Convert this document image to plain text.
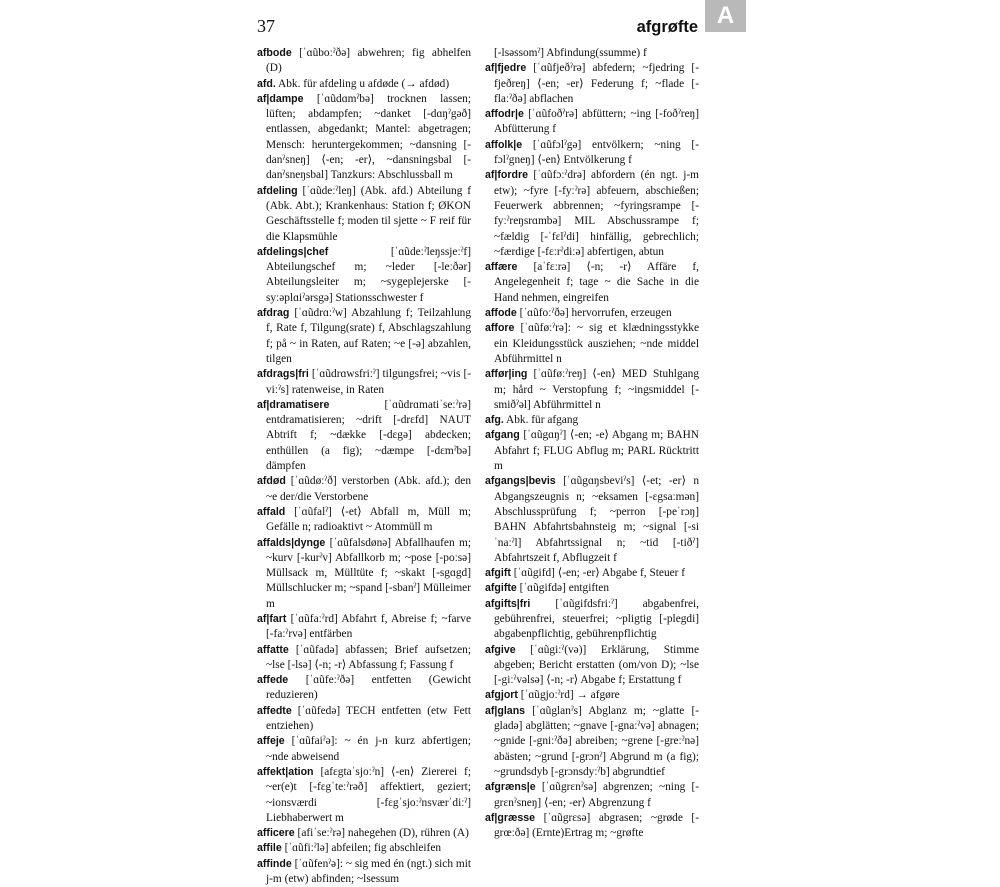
37	afgrøfte A

afbode [ˈɑũboːˀðə] abwehren; fig abhelfen (D)

afd. Abk. für afdeling u afdøde (→ afdød)

af|dampe [ˈɑũdɑmˀbə] trocknen lassen; lüften; abdampfen; ~danket [-dɑŋˀgəð] entlassen, abgedankt; Mantel: abgetragen; Mensch: heruntergekommen; ~dansning [-danˀsneŋ] ⟨-en; -er⟩, ~dansningsbal [-danˀsneŋsbal] Tanzkurs: Abschlussball m

afdeling [ˈɑũdeːˀleŋ] (Abk. afd.) Abteilung f (Abk. Abt.); Krankenhaus: Station f; ØKON Geschäftsstelle f; moden til sjette ~ F reif für die Klapsmühle

afdelings|chef [ˈɑũdeːˀleŋssjeːˀf] Abteilungschef m; ~leder [-leːðər] Abteilungsleiter m; ~sygeplejerske [-syːəplɑiˀərsgə] Stationsschwester f

afdrag [ˈɑũdrɑːˀw] Abzahlung f; Teilzahlung f, Rate f, Tilgung(srate) f, Abschlagszahlung f; på ~ in Raten, auf Raten; ~e [-ə] abzahlen, tilgen

afdrags|fri [ˈɑũdrɑwsfriːˀ] tilgungsfrei; ~vis [-viːˀs] ratenweise, in Raten

af|dramatisere [ˈɑũdrɑmatiˈseːˀrə] entdramatisieren; ~drift [-drɛfd] NAUT Abtrift f; ~dække [-dɛgə] abdecken; enthüllen (a fig); ~dæmpe [-dɛmˀbə] dämpfen

afdød [ˈɑũdøːˀð] verstorben (Abk. afd.); den ~e der/die Verstorbene

affald [ˈɑũfalˀ] ⟨-et⟩ Abfall m, Müll m; Gefälle n; radioaktivt ~ Atommüll m

affalds|dynge [ˈɑũfalsdønə] Abfallhaufen m; ~kurv [-kurˀv] Abfallkorb m; ~pose [-poːsə] Müllsack m, Mülltüte f; ~skakt [-sgɑgd] Müllschlucker m; ~spand [-sbanˀ] Mülleimer m

af|fart [ˈɑũfaːˀrd] Abfahrt f, Abreise f; ~farve [-faːˀrvə] entfärben

affatte [ˈɑũfadə] abfassen; Brief aufsetzen; ~lse [-lsə] ⟨-n; -r⟩ Abfassung f; Fassung f

affede [ˈɑũfeːˀðə] entfetten (Gewicht reduzieren)

affedte [ˈɑũfedə] TECH entfetten (etw Fett entziehen)

affeje [ˈɑũfaiˀə]: ~ én j-n kurz abfertigen; ~nde abweisend

affekt|ation [afɛgtaˈsjoːˀn] ⟨-en⟩ Ziererei f; ~er(e)t [-fɛgˈteːˀrəð] affektiert, geziert; ~ionsværdi [-fɛgˈsjoːˀnsværˈdiːˀ] Liebhaberwert m

afficere [afiˈseːˀrə] nahegehen (D), rühren (A)

affile [ˈɑũfiːˀlə] abfeilen; fig abschleifen

affinde [ˈɑũfenˀə]: ~ sig med én (ngt.) sich mit j-m (etw) abfinden; ~lsessum

[-lsəssomˀ] Abfindung(ssumme) f

af|fjedre [ˈɑũfjeðˀrə] abfedern; ~fjedring [-fjeðreŋ] ⟨-en; -er⟩ Federung f; ~flade [-flaːˀðə] abflachen

affodr|e [ˈɑũfoðˀrə] abfüttern; ~ing [-foðˀreŋ] Abfütterung f

affolk|e [ˈɑũfɔlˀgə] entvölkern; ~ning [-fɔlˀgneŋ] ⟨-en⟩ Entvölkerung f

af|fordre [ˈɑũfɔːˀdrə] abfordern (én ngt. j-m etw); ~fyre [-fyːˀrə] abfeuern, abschießen; Feuerwerk abbrennen; ~fyringsrampe [-fyːˀreŋsrɑmbə] MIL Abschussrampe f; ~fældig [-ˈfɛlˀdi] hinfällig, gebrechlich; ~færdige [-fɛːrˀdiːə] abfertigen, abtun

affære [aˈfɛːrə] ⟨-n; -r⟩ Affäre f, Angelegenheit f; tage ~ die Sache in die Hand nehmen, eingreifen

affode [ˈɑũfoːˀðə] hervorrufen, erzeugen

affore [ˈɑũføːˀrə]: ~ sig et klædningsstykke ein Kleidungsstück ausziehen; ~nde middel Abführmittel n

affør|ing [ˈɑũføːˀreŋ] ⟨-en⟩ MED Stuhlgang m; hård ~ Verstopfung f; ~ingsmiddel [-smiðˀəl] Abführmittel n

afg. Abk. für afgang

afgang [ˈɑũgɑŋˀ] ⟨-en; -e⟩ Abgang m; BAHN Abfahrt f; FLUG Abflug m; PARL Rücktritt m

afgangs|bevis [ˈɑũgɑŋsbeviˀs] ⟨-et; -er⟩ n Abgangszeugnis n; ~eksamen [-ɛgsaːmən] Abschlussprüfung f; ~perron [-peˈrɔŋ] BAHN Abfahrtsbahnsteig m; ~signal [-siˈnaːˀl] Abfahrtssignal n; ~tid [-tiðˀ] Abfahrtszeit f, Abflugzeit f

afgift [ˈɑũgifd] ⟨-en; -er⟩ Abgabe f, Steuer f

afgifte [ˈɑũgifdə] entgiften

afgifts|fri [ˈɑũgifdsfriːˀ] abgabenfrei, gebührenfrei, steuerfrei; ~pligtig [-plegdi] abgabenpflichtig, gebührenpflichtig

afgive [ˈɑũgiːˀ(və)] Erklärung, Stimme abgeben; Bericht erstatten (om/von D); ~lse [-giːˀvəlsə] ⟨-n; -r⟩ Abgabe f; Erstattung f

afgjort [ˈɑũgjoːˀrd] → afgøre

af|glans [ˈɑũglanˀs] Abglanz m; ~glatte [-gladə] abglätten; ~gnave [-gnaːˀvə] abnagen; ~gnide [-gniːˀðə] abreiben; ~grene [-greːˀnə] abästen; ~grund [-grɔnˀ] Abgrund m (a fig); ~grundsdyb [-grɔnsdyːˀb] abgrundtief

afgræns|e [ˈɑũgrɛnˀsə] abgrenzen; ~ning [-grɛnˀsneŋ] ⟨-en; -er⟩ Abgrenzung f

af|græsse [ˈɑũgrɛsə] abgrasen; ~grøde [-grœːðə] (Ernte)Ertrag m; ~grøfte
